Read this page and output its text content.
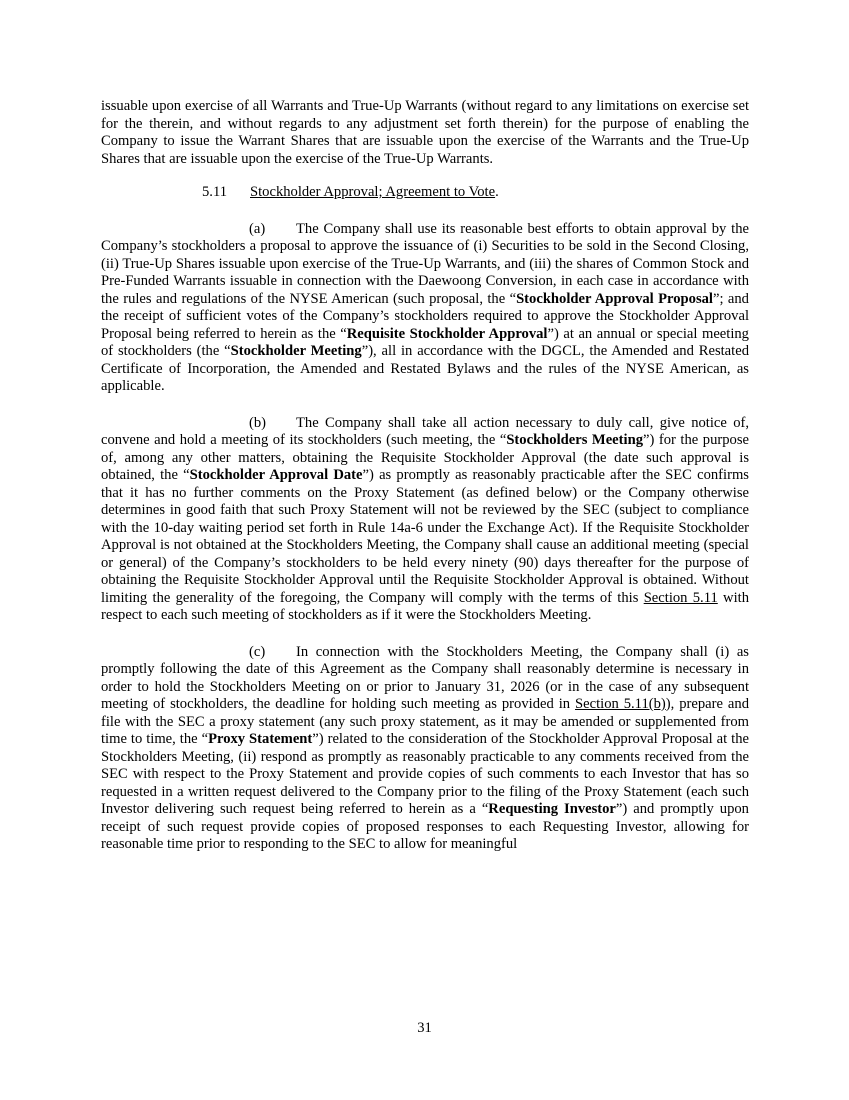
issuable upon exercise of all Warrants and True-Up Warrants (without regard to any limitations on exercise set for the therein, and without regards to any adjustment set forth therein) for the purpose of enabling the Company to issue the Warrant Shares that are issuable upon the exercise of the Warrants and the True-Up Shares that are issuable upon the exercise of the True-Up Warrants.

5.11 Stockholder Approval; Agreement to Vote.

(a) The Company shall use its reasonable best efforts to obtain approval by the Company’s stockholders a proposal to approve the issuance of (i) Securities to be sold in the Second Closing, (ii) True-Up Shares issuable upon exercise of the True-Up Warrants, and (iii) the shares of Common Stock and Pre-Funded Warrants issuable in connection with the Daewoong Conversion, in each case in accordance with the rules and regulations of the NYSE American (such proposal, the “Stockholder Approval Proposal”; and the receipt of sufficient votes of the Company’s stockholders required to approve the Stockholder Approval Proposal being referred to herein as the “Requisite Stockholder Approval”) at an annual or special meeting of stockholders (the “Stockholder Meeting”), all in accordance with the DGCL, the Amended and Restated Certificate of Incorporation, the Amended and Restated Bylaws and the rules of the NYSE American, as applicable.

(b) The Company shall take all action necessary to duly call, give notice of, convene and hold a meeting of its stockholders (such meeting, the “Stockholders Meeting”) for the purpose of, among any other matters, obtaining the Requisite Stockholder Approval (the date such approval is obtained, the “Stockholder Approval Date”) as promptly as reasonably practicable after the SEC confirms that it has no further comments on the Proxy Statement (as defined below) or the Company otherwise determines in good faith that such Proxy Statement will not be reviewed by the SEC (subject to compliance with the 10-day waiting period set forth in Rule 14a-6 under the Exchange Act). If the Requisite Stockholder Approval is not obtained at the Stockholders Meeting, the Company shall cause an additional meeting (special or general) of the Company’s stockholders to be held every ninety (90) days thereafter for the purpose of obtaining the Requisite Stockholder Approval until the Requisite Stockholder Approval is obtained. Without limiting the generality of the foregoing, the Company will comply with the terms of this Section 5.11 with respect to each such meeting of stockholders as if it were the Stockholders Meeting.

(c) In connection with the Stockholders Meeting, the Company shall (i) as promptly following the date of this Agreement as the Company shall reasonably determine is necessary in order to hold the Stockholders Meeting on or prior to January 31, 2026 (or in the case of any subsequent meeting of stockholders, the deadline for holding such meeting as provided in Section 5.11(b)), prepare and file with the SEC a proxy statement (any such proxy statement, as it may be amended or supplemented from time to time, the “Proxy Statement”) related to the consideration of the Stockholder Approval Proposal at the Stockholders Meeting, (ii) respond as promptly as reasonably practicable to any comments received from the SEC with respect to the Proxy Statement and provide copies of such comments to each Investor that has so requested in a written request delivered to the Company prior to the filing of the Proxy Statement (each such Investor delivering such request being referred to herein as a “Requesting Investor”) and promptly upon receipt of such request provide copies of proposed responses to each Requesting Investor, allowing for reasonable time prior to responding to the SEC to allow for meaningful

31
